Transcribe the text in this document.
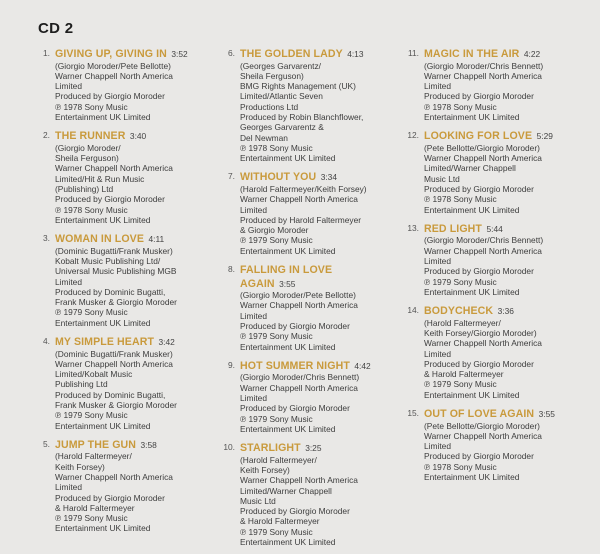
CD 2
1. GIVING UP, GIVING IN 3:52
(Giorgio Moroder/Pete Bellotte)
Warner Chappell North America
Limited
Produced by Giorgio Moroder
℗ 1978 Sony Music
Entertainment UK Limited
2. THE RUNNER 3:40
(Giorgio Moroder/
Sheila Ferguson)
Warner Chappell North America
Limited/Hit & Run Music
(Publishing) Ltd
Produced by Giorgio Moroder
℗ 1978 Sony Music
Entertainment UK Limited
3. WOMAN IN LOVE 4:11
(Dominic Bugatti/Frank Musker)
Kobalt Music Publishing Ltd/
Universal Music Publishing MGB
Limited
Produced by Dominic Bugatti,
Frank Musker & Giorgio Moroder
℗ 1979 Sony Music
Entertainment UK Limited
4. MY SIMPLE HEART 3:42
(Dominic Bugatti/Frank Musker)
Warner Chappell North America
Limited/Kobalt Music
Publishing Ltd
Produced by Dominic Bugatti,
Frank Musker & Giorgio Moroder
℗ 1979 Sony Music
Entertainment UK Limited
5. JUMP THE GUN 3:58
(Harold Faltermeyer/
Keith Forsey)
Warner Chappell North America
Limited
Produced by Giorgio Moroder
& Harold Faltermeyer
℗ 1979 Sony Music
Entertainment UK Limited
6. THE GOLDEN LADY 4:13
(Georges Garvarentz/
Sheila Ferguson)
BMG Rights Management (UK)
Limited/Atlantic Seven
Productions Ltd
Produced by Robin Blanchflower,
Georges Garvarentz &
Del Newman
℗ 1978 Sony Music
Entertainment UK Limited
7. WITHOUT YOU 3:34
(Harold Faltermeyer/Keith Forsey)
Warner Chappell North America
Limited
Produced by Harold Faltermeyer
& Giorgio Moroder
℗ 1979 Sony Music
Entertainment UK Limited
8. FALLING IN LOVE
AGAIN 3:55
(Giorgio Moroder/Pete Bellotte)
Warner Chappell North America
Limited
Produced by Giorgio Moroder
℗ 1979 Sony Music
Entertainment UK Limited
9. HOT SUMMER NIGHT 4:42
(Giorgio Moroder/Chris Bennett)
Warner Chappell North America
Limited
Produced by Giorgio Moroder
℗ 1979 Sony Music
Entertainment UK Limited
10. STARLIGHT 3:25
(Harold Faltermeyer/
Keith Forsey)
Warner Chappell North America
Limited/Warner Chappell
Music Ltd
Produced by Giorgio Moroder
& Harold Faltermeyer
℗ 1979 Sony Music
Entertainment UK Limited
11. MAGIC IN THE AIR 4:22
(Giorgio Moroder/Chris Bennett)
Warner Chappell North America
Limited
Produced by Giorgio Moroder
℗ 1978 Sony Music
Entertainment UK Limited
12. LOOKING FOR LOVE 5:29
(Pete Bellotte/Giorgio Moroder)
Warner Chappell North America
Limited/Warner Chappell
Music Ltd
Produced by Giorgio Moroder
℗ 1978 Sony Music
Entertainment UK Limited
13. RED LIGHT 5:44
(Giorgio Moroder/Chris Bennett)
Warner Chappell North America
Limited
Produced by Giorgio Moroder
℗ 1979 Sony Music
Entertainment UK Limited
14. BODYCHECK 3:36
(Harold Faltermeyer/
Keith Forsey/Giorgio Moroder)
Warner Chappell North America
Limited
Produced by Giorgio Moroder
& Harold Faltermeyer
℗ 1979 Sony Music
Entertainment UK Limited
15. OUT OF LOVE AGAIN 3:55
(Pete Bellotte/Giorgio Moroder)
Warner Chappell North America
Limited
Produced by Giorgio Moroder
℗ 1978 Sony Music
Entertainment UK Limited
